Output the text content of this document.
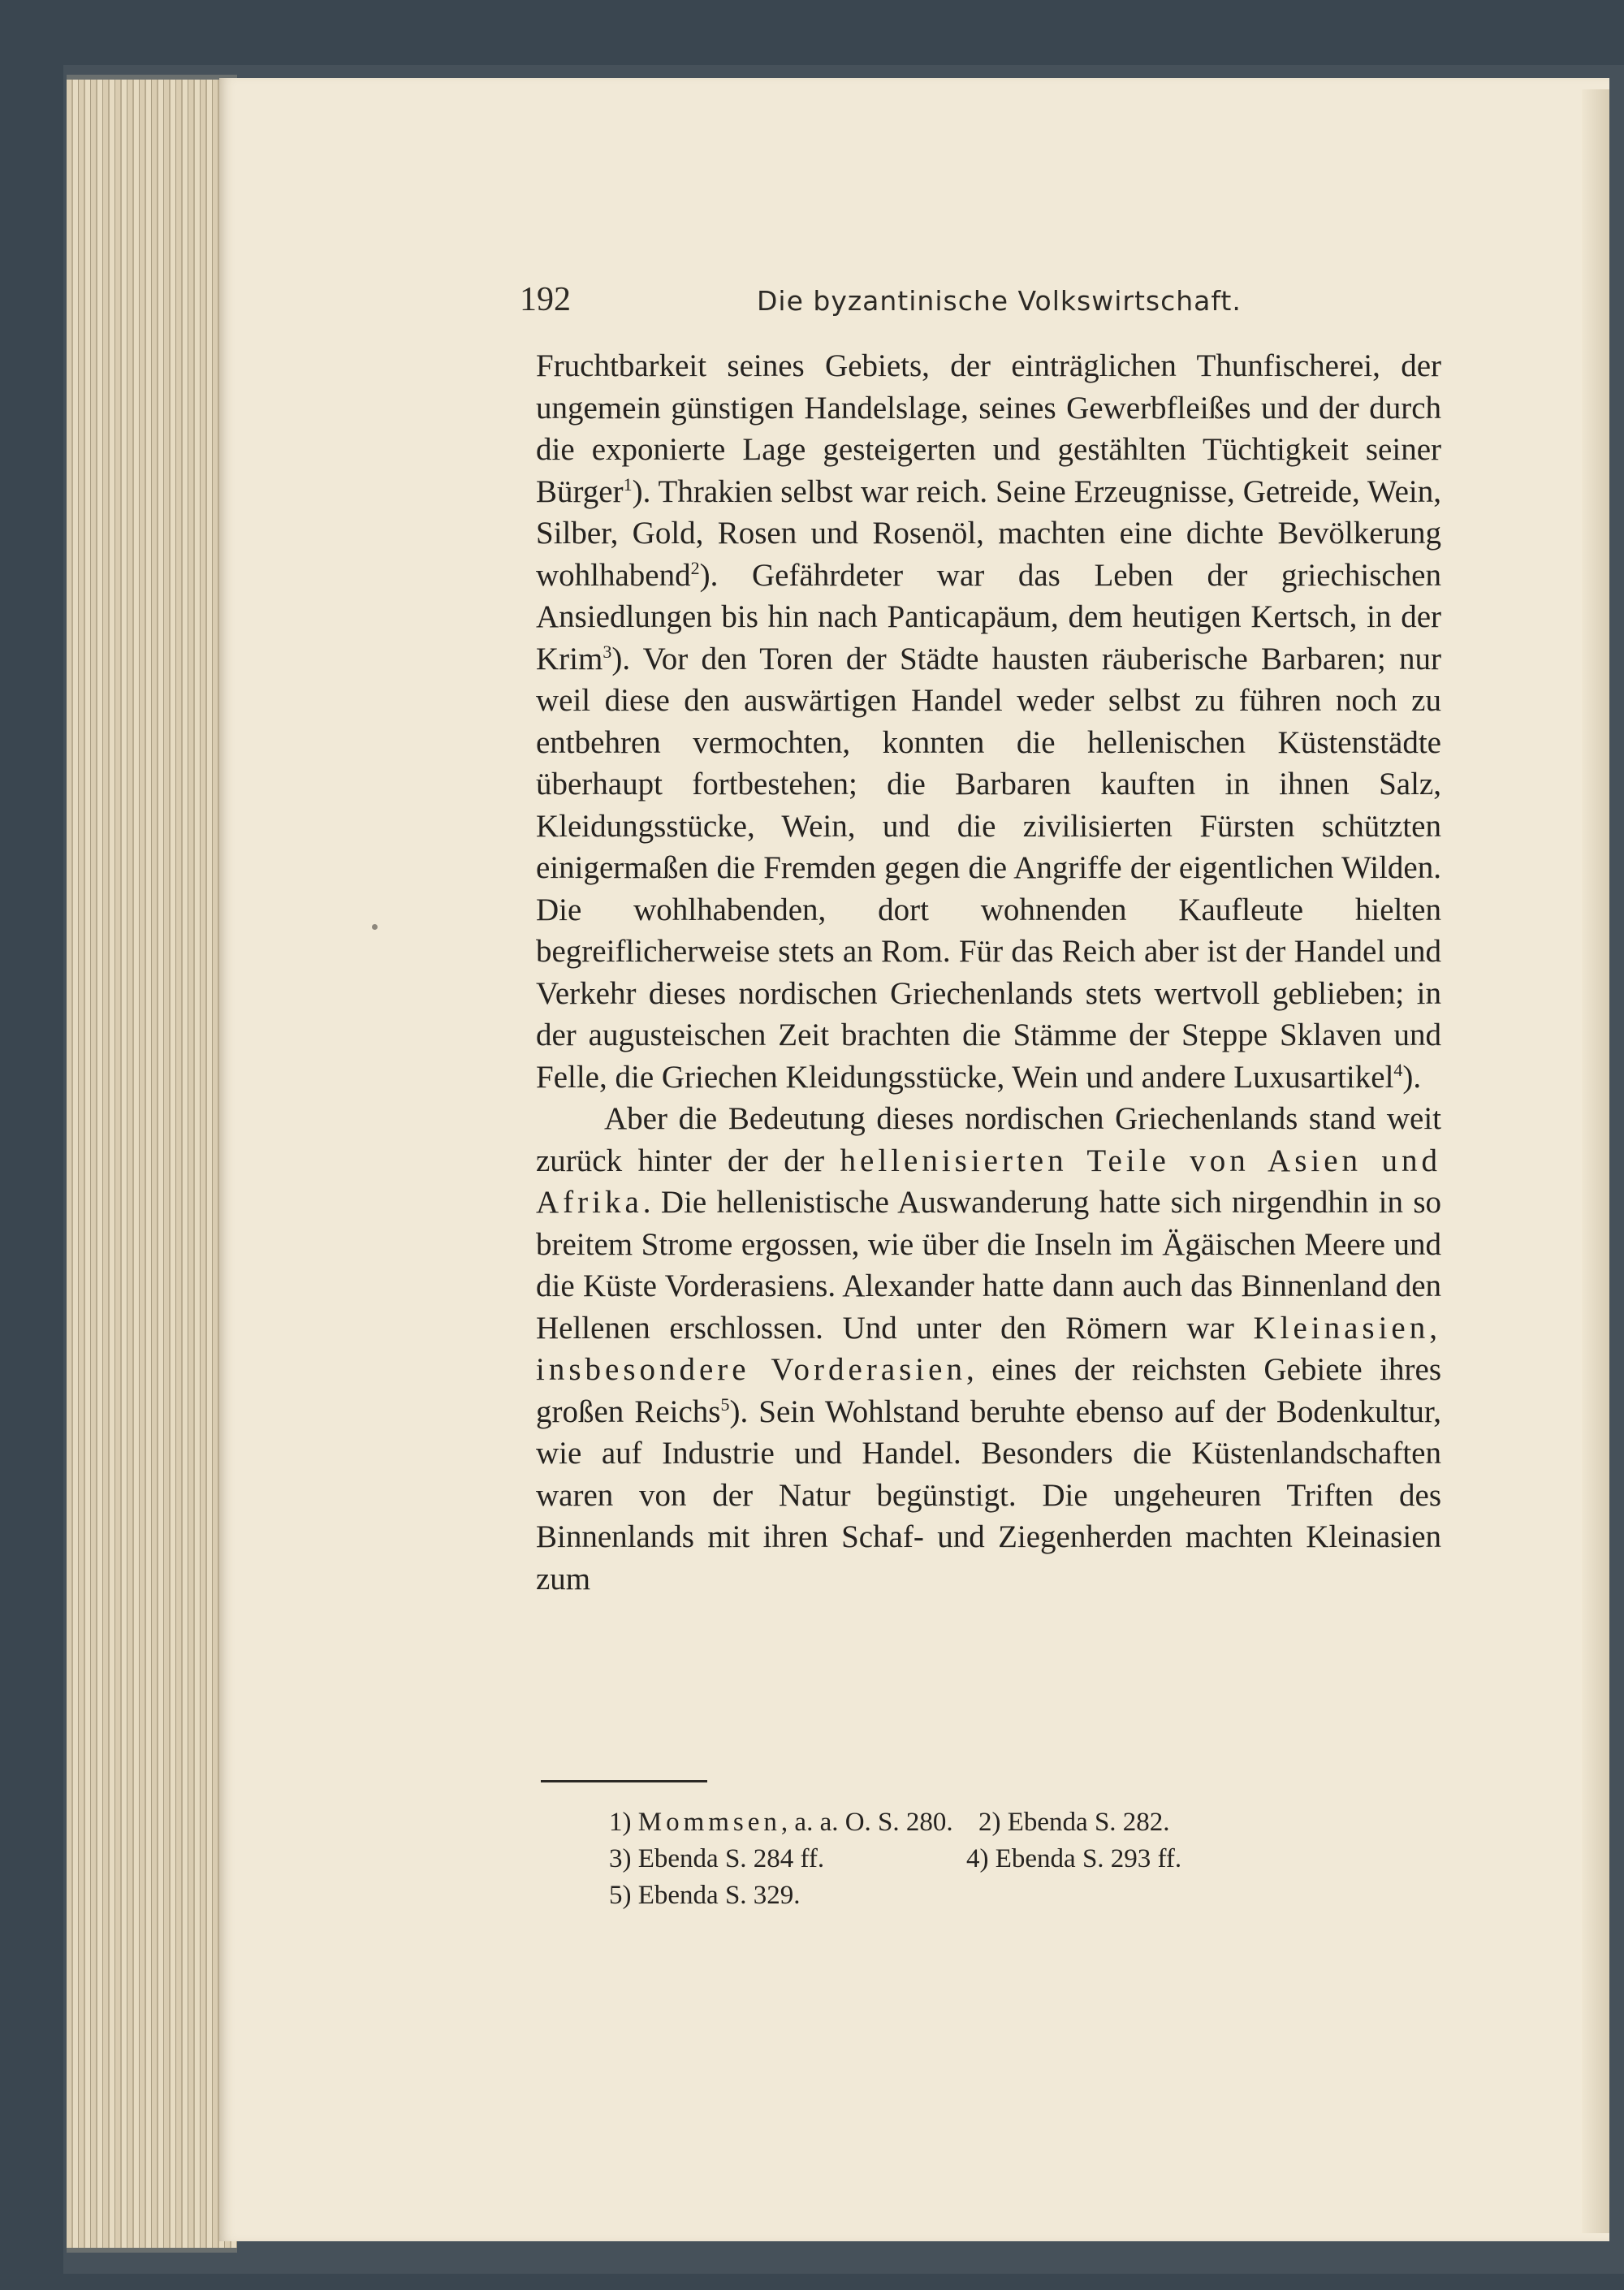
192	Die byzantinische Volkswirtschaft.

Fruchtbarkeit seines Gebiets, der einträglichen Thunfischerei, der ungemein günstigen Handelslage, seines Gewerbfleißes und der durch die exponierte Lage gesteigerten und gestählten Tüchtigkeit seiner Bürger$^1$). Thrakien selbst war reich. Seine Erzeugnisse, Getreide, Wein, Silber, Gold, Rosen und Rosenöl, machten eine dichte Bevölkerung wohlhabend$^2$). Gefährdeter war das Leben der griechischen Ansiedlungen bis hin nach Panticapäum, dem heutigen Kertsch, in der Krim$^3$). Vor den Toren der Städte hausten räuberische Barbaren; nur weil diese den auswärtigen Handel weder selbst zu führen noch zu entbehren vermochten, konnten die hellenischen Küstenstädte überhaupt fortbestehen; die Barbaren kauften in ihnen Salz, Kleidungsstücke, Wein, und die zivilisierten Fürsten schützten einigermaßen die Fremden gegen die Angriffe der eigentlichen Wilden. Die wohlhabenden, dort wohnenden Kaufleute hielten begreiflicherweise stets an Rom. Für das Reich aber ist der Handel und Verkehr dieses nordischen Griechenlands stets wertvoll geblieben; in der augusteischen Zeit brachten die Stämme der Steppe Sklaven und Felle, die Griechen Kleidungsstücke, Wein und andere Luxusartikel$^4$).

Aber die Bedeutung dieses nordischen Griechenlands stand weit zurück hinter der der hellenisierten Teile von Asien und Afrika. Die hellenistische Auswanderung hatte sich nirgendhin in so breitem Strome ergossen, wie über die Inseln im Ägäischen Meere und die Küste Vorderasiens. Alexander hatte dann auch das Binnenland den Hellenen erschlossen. Und unter den Römern war Kleinasien, insbesondere Vorderasien, eines der reichsten Gebiete ihres großen Reichs$^5$). Sein Wohlstand beruhte ebenso auf der Bodenkultur, wie auf Industrie und Handel. Besonders die Küstenlandschaften waren von der Natur begünstigt. Die ungeheuren Triften des Binnenlands mit ihren Schaf- und Ziegenherden machten Kleinasien zum

1) Mommsen, a. a. O. S. 280. 2) Ebenda S. 282.
3) Ebenda S. 284 ff.	4) Ebenda S. 293 ff.
5) Ebenda S. 329.
